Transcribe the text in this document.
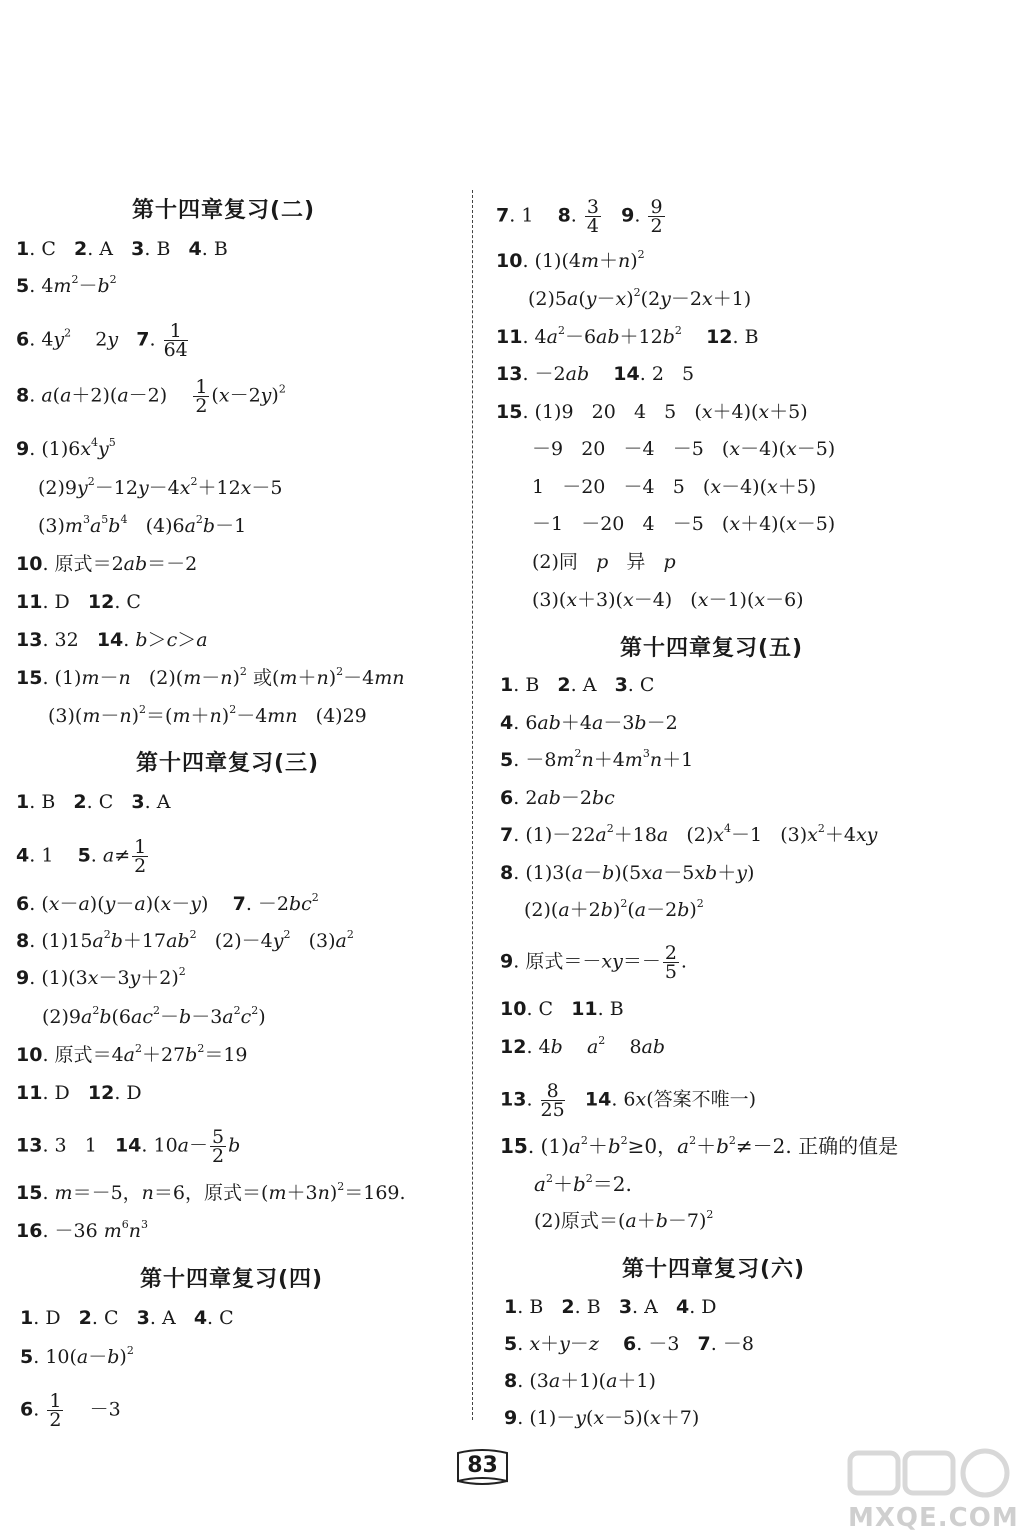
第十四章复习(二)
1. C   2. A   3. B   4. B
5. $4m^2-b^2$
6. $4y^2$    2y 7. $\frac{1}{64}$
8. $a(a+2)(a-2) \frac{1}{2} (x-2y)^2$
9. $(1)6x^4y^5$
$(2)9y^2-12y-4x^2+12x-5$
$(3)m^3a^5b^4$   $(4)6a^2b-1$
10. 原式＝2ab＝－2
11. D   12. C
13. 32   14. b＞c＞a
15. (1)m－n   $(2)(m-n)^2$ 或$(m+n)^2-4mn$
$(3)(m-n)^2=(m+n)^2-4mn$   (4)29
第十四章复习(三)
1. B   2. C   3. A
4. 1    5. $a\ne \frac{1}{2}$
6. (x－a)(y－a)(x－y)    7. $-2bc^2$
8. $(1)15a^2b+17ab^2$   $(2)-4y^2$   $(3)a^2$
9. $(1)(3x-3y+2)^2$
$(2)9a^2b(6ac^2-b-3a^2c^2)$
10. 原式$=4a^2+27b^2=19$
11. D   12. D
13. 3   1   14. $10a- \frac{5}{2}$ b
15. m＝－5，n＝6，原式$=(m+3n)^2=169$.
16. －36 $m^6n^3$
第十四章复习(四)
1. D   2. C   3. A   4. C
5. $10(a-b)^2$
6. $\frac{1}{2} -3$
7. 1    8. $\frac{3}{4} 9$. $\frac{9}{2}$
10. $(1)(4m+n)^2$
$(2)5a(y-x)^2(2y-2x+1)$
11. $4a^2-6ab+12b^2$ 12. B
13. －2ab 14. 2   5
15. (1)9   20   4   5   (x＋4)(x＋5)
－9   20   －4   －5   (x－4)(x－5)
1   －20   －4   5   (x－4)(x＋5)
－1   －20   4   －5   (x＋4)(x－5)
(2)同 p 异 p
(3)(x＋3)(x－4)   (x－1)(x－6)
第十四章复习(五)
1. B   2. A   3. C
4. 6ab＋4a－3b－2
5. $-8m^2n+4m^3n+1$
6. 2ab－2bc
7. $(1)-22a^2+18a$   $(2)x^4-1$   $(3)x^2+4xy$
8. (1)3(a－b)(5xa－5xb＋y)
$(2)(a+2b)^2(a-2b)^2$
9. 原式$=-xy=- \frac{2}{5}$ .
10. C   11. B
12. 4b $a^2$    8ab
13. $\frac{8}{25} 14$. 6x(答案不唯一)
15. $(1)a^2+b^2\ge 0$，$a^2+b^2\ne-2$. 正确的值是
$a^2+b^2=2$.
(2)原式$=(a+b-7)^2$
第十四章复习(六)
1. B   2. B   3. A   4. D
5. x＋y－z 6. －3   7. －8
8. (3a＋1)(a＋1)
9. (1)－y(x－5)(x＋7)
83
MXQE.COM
